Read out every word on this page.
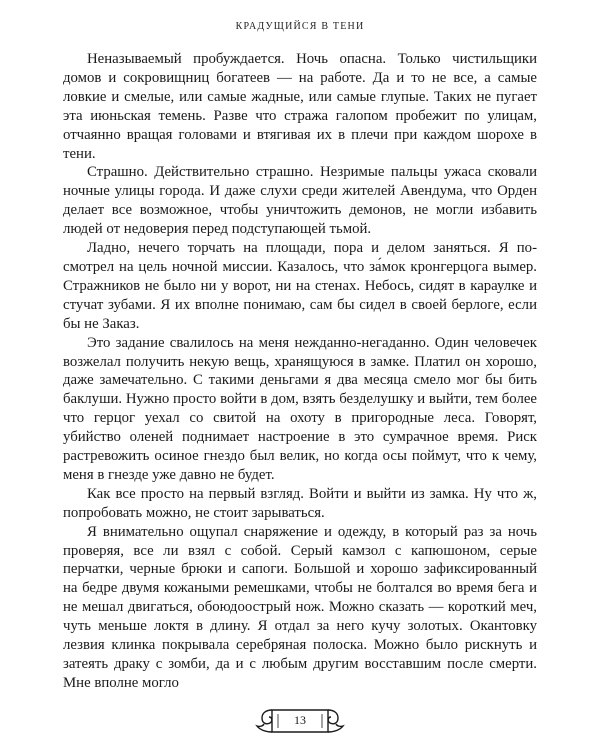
КРАДУЩИЙСЯ В ТЕНИ

Неназываемый пробуждается. Ночь опасна. Только чистильщики домов и сокровищниц богатеев — на работе. Да и то не все, а самые ловкие и смелые, или самые жадные, или самые глупые. Таких не пугает эта июньская темень. Разве что стража галопом пробежит по улицам, отчаянно вращая головами и втягивая их в плечи при каждом шорохе в тени.

Страшно. Действительно страшно. Незримые пальцы ужаса сковали ночные улицы города. И даже слухи среди жителей Авендума, что Орден делает все возможное, чтобы уничтожить демонов, не могли избавить людей от недоверия перед подступающей тьмой.

Ладно, нечего торчать на площади, пора и делом заняться. Я посмотрел на цель ночной миссии. Казалось, что за́мок кронгерцога вымер. Стражников не было ни у ворот, ни на стенах. Небось, сидят в караулке и стучат зубами. Я их вполне понимаю, сам бы сидел в своей берлоге, если бы не Заказ.

Это задание свалилось на меня нежданно-негаданно. Один человечек возжелал получить некую вещь, хранящуюся в замке. Платил он хорошо, даже замечательно. С такими деньгами я два месяца смело мог бы бить баклуши. Нужно просто войти в дом, взять безделушку и выйти, тем более что герцог уехал со свитой на охоту в пригородные леса. Говорят, убийство оленей поднимает настроение в это сумрачное время. Риск растревожить осиное гнездо был велик, но когда осы поймут, что к чему, меня в гнезде уже давно не будет.

Как все просто на первый взгляд. Войти и выйти из замка. Ну что ж, попробовать можно, не стоит зарываться.

Я внимательно ощупал снаряжение и одежду, в который раз за ночь проверяя, все ли взял с собой. Серый камзол с капюшоном, серые перчатки, черные брюки и сапоги. Большой и хорошо зафиксированный на бедре двумя кожаными ремешками, чтобы не болтался во время бега и не мешал двигаться, обоюдоострый нож. Можно сказать — короткий меч, чуть меньше локтя в длину. Я отдал за него кучу золотых. Окантовку лезвия клинка покрывала серебряная полоска. Можно было рискнуть и затеять драку с зомби, да и с любым другим восставшим после смерти. Мне вполне могло

13
